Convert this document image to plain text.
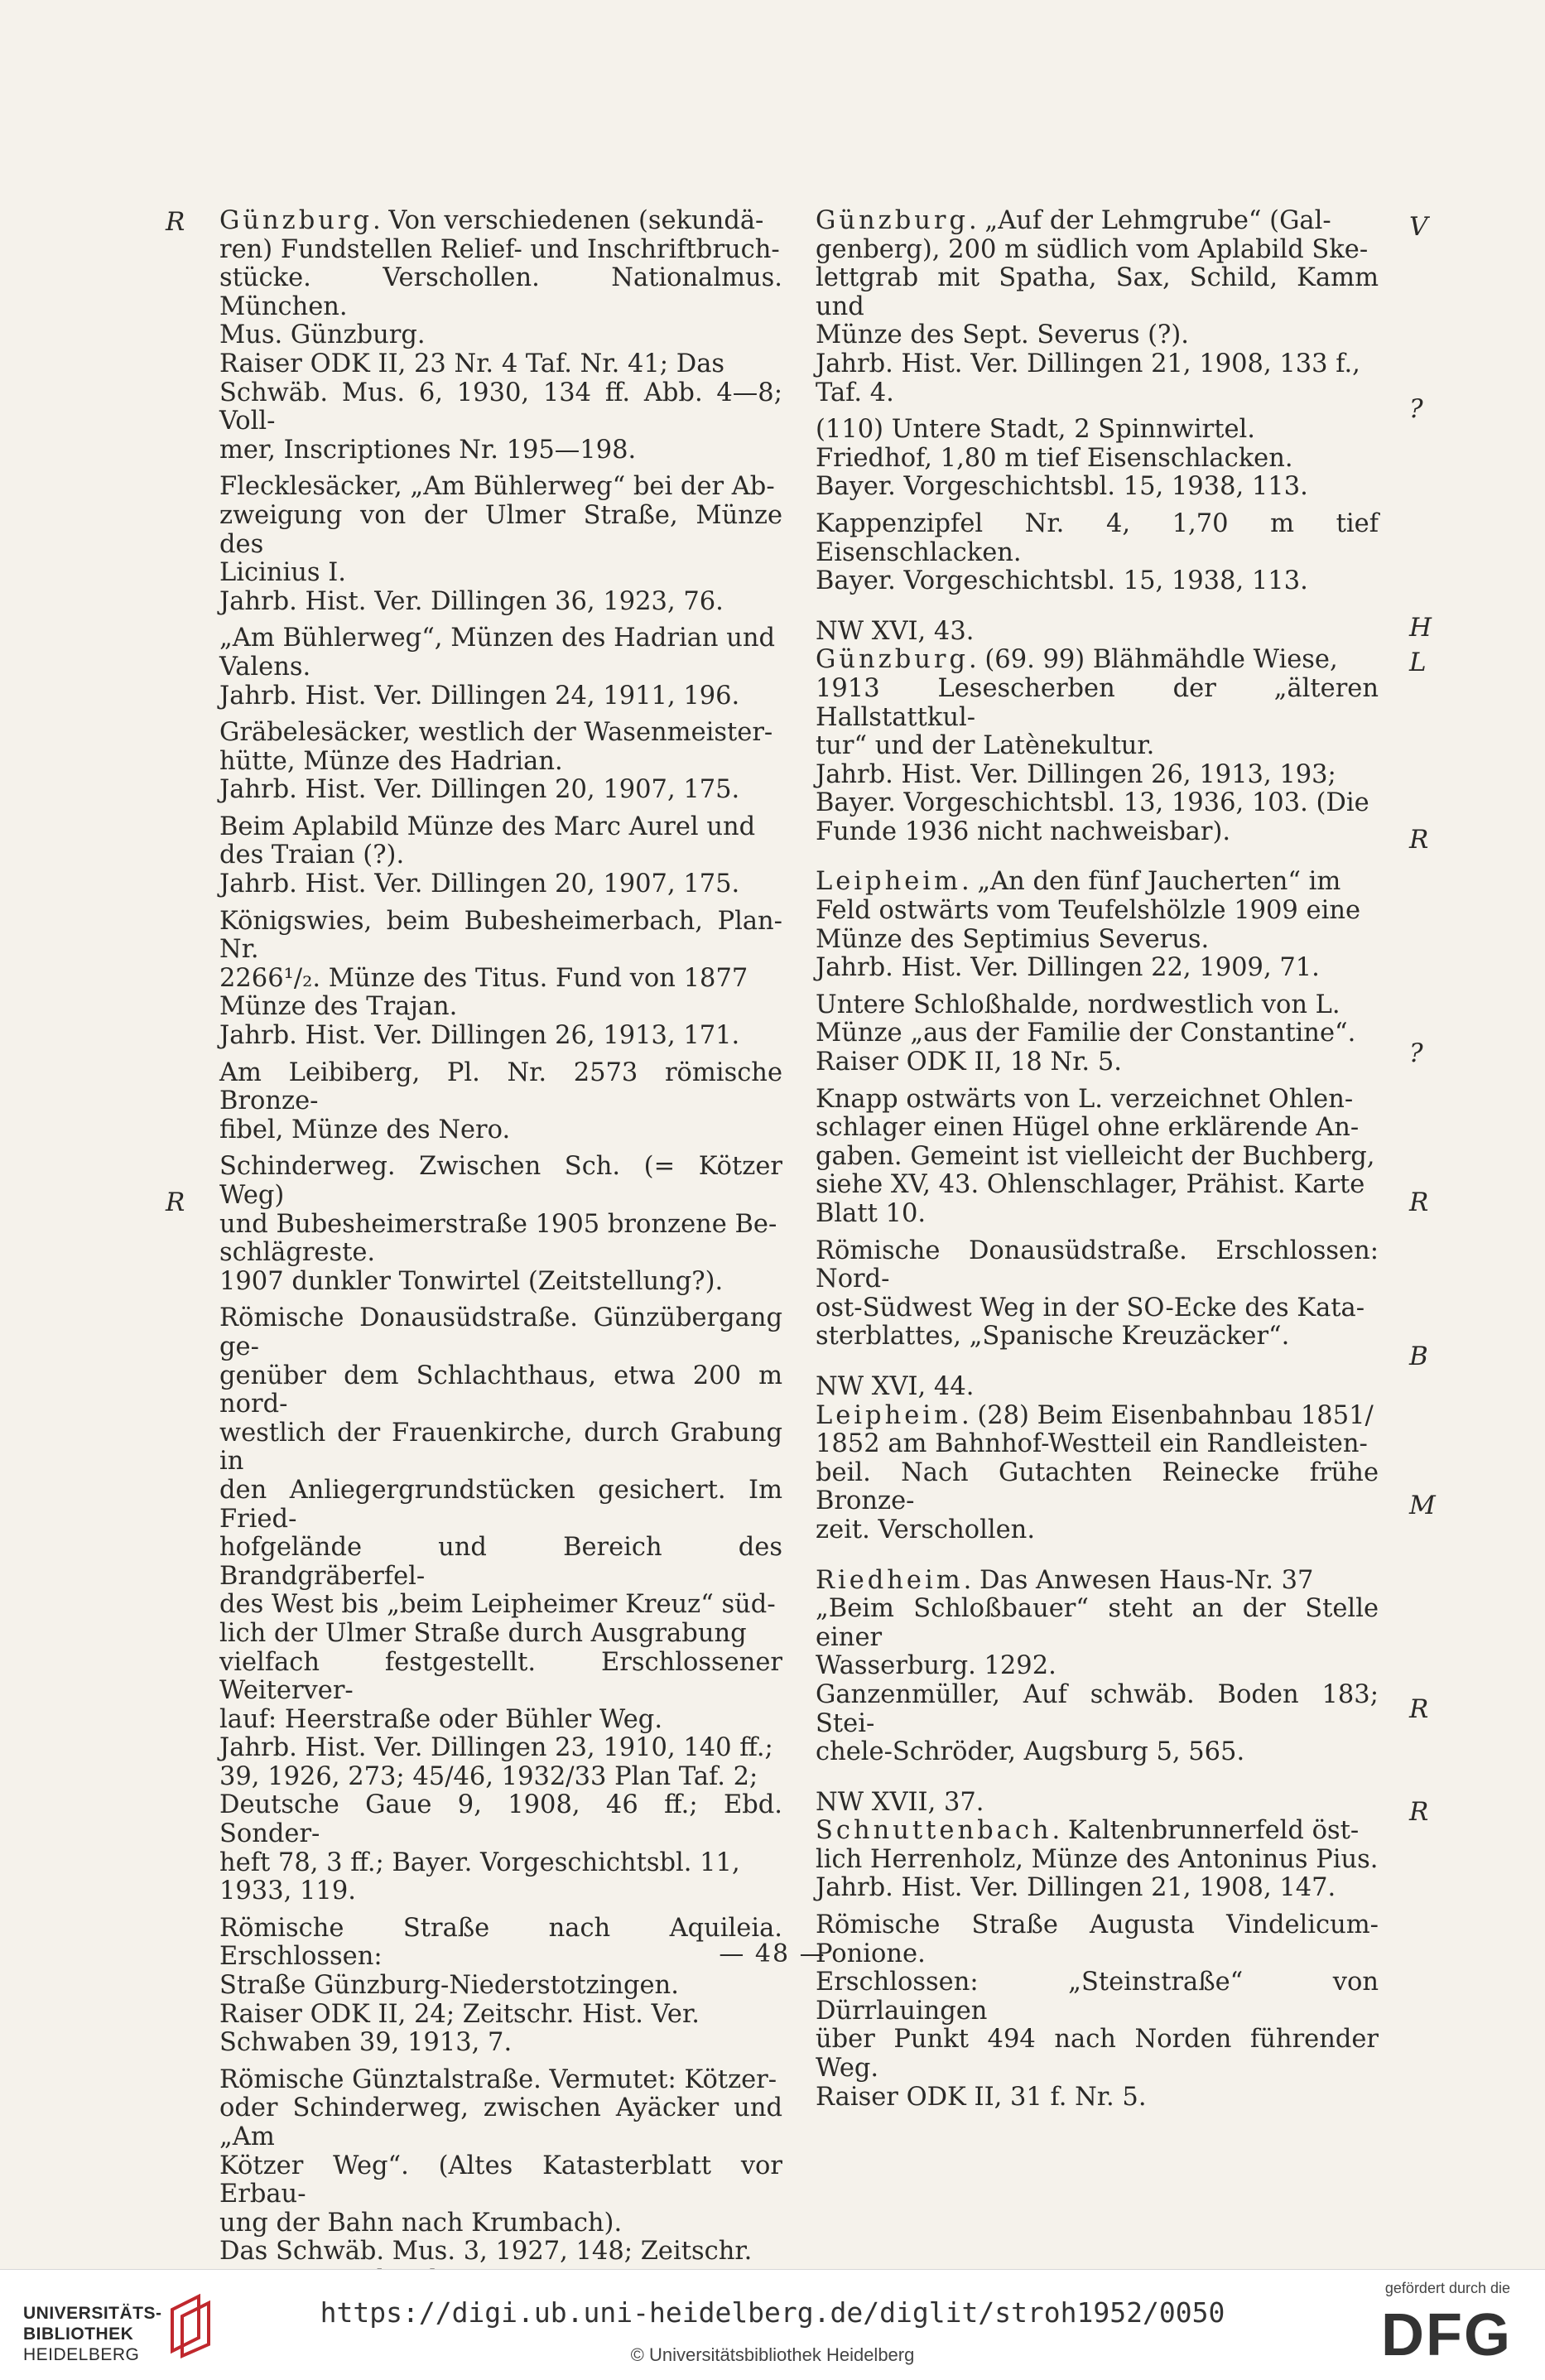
R
R
V
?
H
L
R
?
R
B
M
R
R

Günzburg. Von verschiedenen (sekundä-
ren) Fundstellen Relief- und Inschriftbruch-
stücke. Verschollen. Nationalmus. München.
Mus. Günzburg.
Raiser ODK II, 23 Nr. 4 Taf. Nr. 41; Das
Schwäb. Mus. 6, 1930, 134 ff. Abb. 4—8; Voll-
mer, Inscriptiones Nr. 195—198.

Flecklesäcker, „Am Bühlerweg“ bei der Ab-
zweigung von der Ulmer Straße, Münze des
Licinius I.
Jahrb. Hist. Ver. Dillingen 36, 1923, 76.

„Am Bühlerweg“, Münzen des Hadrian und
Valens.
Jahrb. Hist. Ver. Dillingen 24, 1911, 196.

Gräbelesäcker, westlich der Wasenmeister-
hütte, Münze des Hadrian.
Jahrb. Hist. Ver. Dillingen 20, 1907, 175.

Beim Aplabild Münze des Marc Aurel und
des Traian (?).
Jahrb. Hist. Ver. Dillingen 20, 1907, 175.

Königswies, beim Bubesheimerbach, Plan-Nr.
2266¹/₂. Münze des Titus. Fund von 1877
Münze des Trajan.
Jahrb. Hist. Ver. Dillingen 26, 1913, 171.

Am Leibiberg, Pl. Nr. 2573 römische Bronze-
fibel, Münze des Nero.

Schinderweg. Zwischen Sch. (= Kötzer Weg)
und Bubesheimerstraße 1905 bronzene Be-
schlägreste.
1907 dunkler Tonwirtel (Zeitstellung?).

Römische Donausüdstraße. Günzübergang ge-
genüber dem Schlachthaus, etwa 200 m nord-
westlich der Frauenkirche, durch Grabung in
den Anliegergrundstücken gesichert. Im Fried-
hofgelände und Bereich des Brandgräberfel-
des West bis „beim Leipheimer Kreuz“ süd-
lich der Ulmer Straße durch Ausgrabung
vielfach festgestellt. Erschlossener Weiterver-
lauf: Heerstraße oder Bühler Weg.
Jahrb. Hist. Ver. Dillingen 23, 1910, 140 ff.;
39, 1926, 273; 45/46, 1932/33 Plan Taf. 2;
Deutsche Gaue 9, 1908, 46 ff.; Ebd. Sonder-
heft 78, 3 ff.; Bayer. Vorgeschichtsbl. 11,
1933, 119.

Römische Straße nach Aquileia. Erschlossen:
Straße Günzburg-Niederstotzingen.
Raiser ODK II, 24; Zeitschr. Hist. Ver.
Schwaben 39, 1913, 7.

Römische Günztalstraße. Vermutet: Kötzer-
oder Schinderweg, zwischen Ayäcker und „Am
Kötzer Weg“. (Altes Katasterblatt vor Erbau-
ung der Bahn nach Krumbach).
Das Schwäb. Mus. 3, 1927, 148; Zeitschr.

Günzburg. „Auf der Lehmgrube“ (Gal-
genberg), 200 m südlich vom Aplabild Ske-
lettgrab mit Spatha, Sax, Schild, Kamm und
Münze des Sept. Severus (?).
Jahrb. Hist. Ver. Dillingen 21, 1908, 133 f.,
Taf. 4.

(110) Untere Stadt, 2 Spinnwirtel.
Friedhof, 1,80 m tief Eisenschlacken.
Bayer. Vorgeschichtsbl. 15, 1938, 113.

Kappenzipfel Nr. 4, 1,70 m tief Eisenschlacken.
Bayer. Vorgeschichtsbl. 15, 1938, 113.

NW XVI, 43.
Günzburg. (69. 99) Blähmähdle Wiese,
1913 Lesescherben der „älteren Hallstattkul-
tur“ und der Latènekultur.
Jahrb. Hist. Ver. Dillingen 26, 1913, 193;
Bayer. Vorgeschichtsbl. 13, 1936, 103. (Die
Funde 1936 nicht nachweisbar).

Leipheim. „An den fünf Jaucherten“ im
Feld ostwärts vom Teufelshölzle 1909 eine
Münze des Septimius Severus.
Jahrb. Hist. Ver. Dillingen 22, 1909, 71.

Untere Schloßhalde, nordwestlich von L.
Münze „aus der Familie der Constantine“.
Raiser ODK II, 18 Nr. 5.

Knapp ostwärts von L. verzeichnet Ohlen-
schlager einen Hügel ohne erklärende An-
gaben. Gemeint ist vielleicht der Buchberg,
siehe XV, 43. Ohlenschlager, Prähist. Karte
Blatt 10.

Römische Donausüdstraße. Erschlossen: Nord-
ost-Südwest Weg in der SO-Ecke des Kata-
sterblattes, „Spanische Kreuzäcker“.

NW XVI, 44.
Leipheim. (28) Beim Eisenbahnbau 1851/
1852 am Bahnhof-Westteil ein Randleisten-
beil. Nach Gutachten Reinecke frühe Bronze-
zeit. Verschollen.

Riedheim. Das Anwesen Haus-Nr. 37
„Beim Schloßbauer“ steht an der Stelle einer
Wasserburg. 1292.
Ganzenmüller, Auf schwäb. Boden 183; Stei-
chele-Schröder, Augsburg 5, 565.

NW XVII, 37.
Schnuttenbach. Kaltenbrunnerfeld öst-
lich Herrenholz, Münze des Antoninus Pius.
Jahrb. Hist. Ver. Dillingen 21, 1908, 147.

Römische Straße Augusta Vindelicum-Ponione.
Erschlossen: „Steinstraße“ von Dürrlauingen
über Punkt 494 nach Norden führender Weg.
Raiser ODK II, 31 f. Nr. 5.

— 48 —
UNIVERSITÄTS-
BIBLIOTHEK
HEIDELBERG
https://digi.ub.uni-heidelberg.de/diglit/stroh1952/0050
© Universitätsbibliothek Heidelberg
gefördert durch die
DFG
